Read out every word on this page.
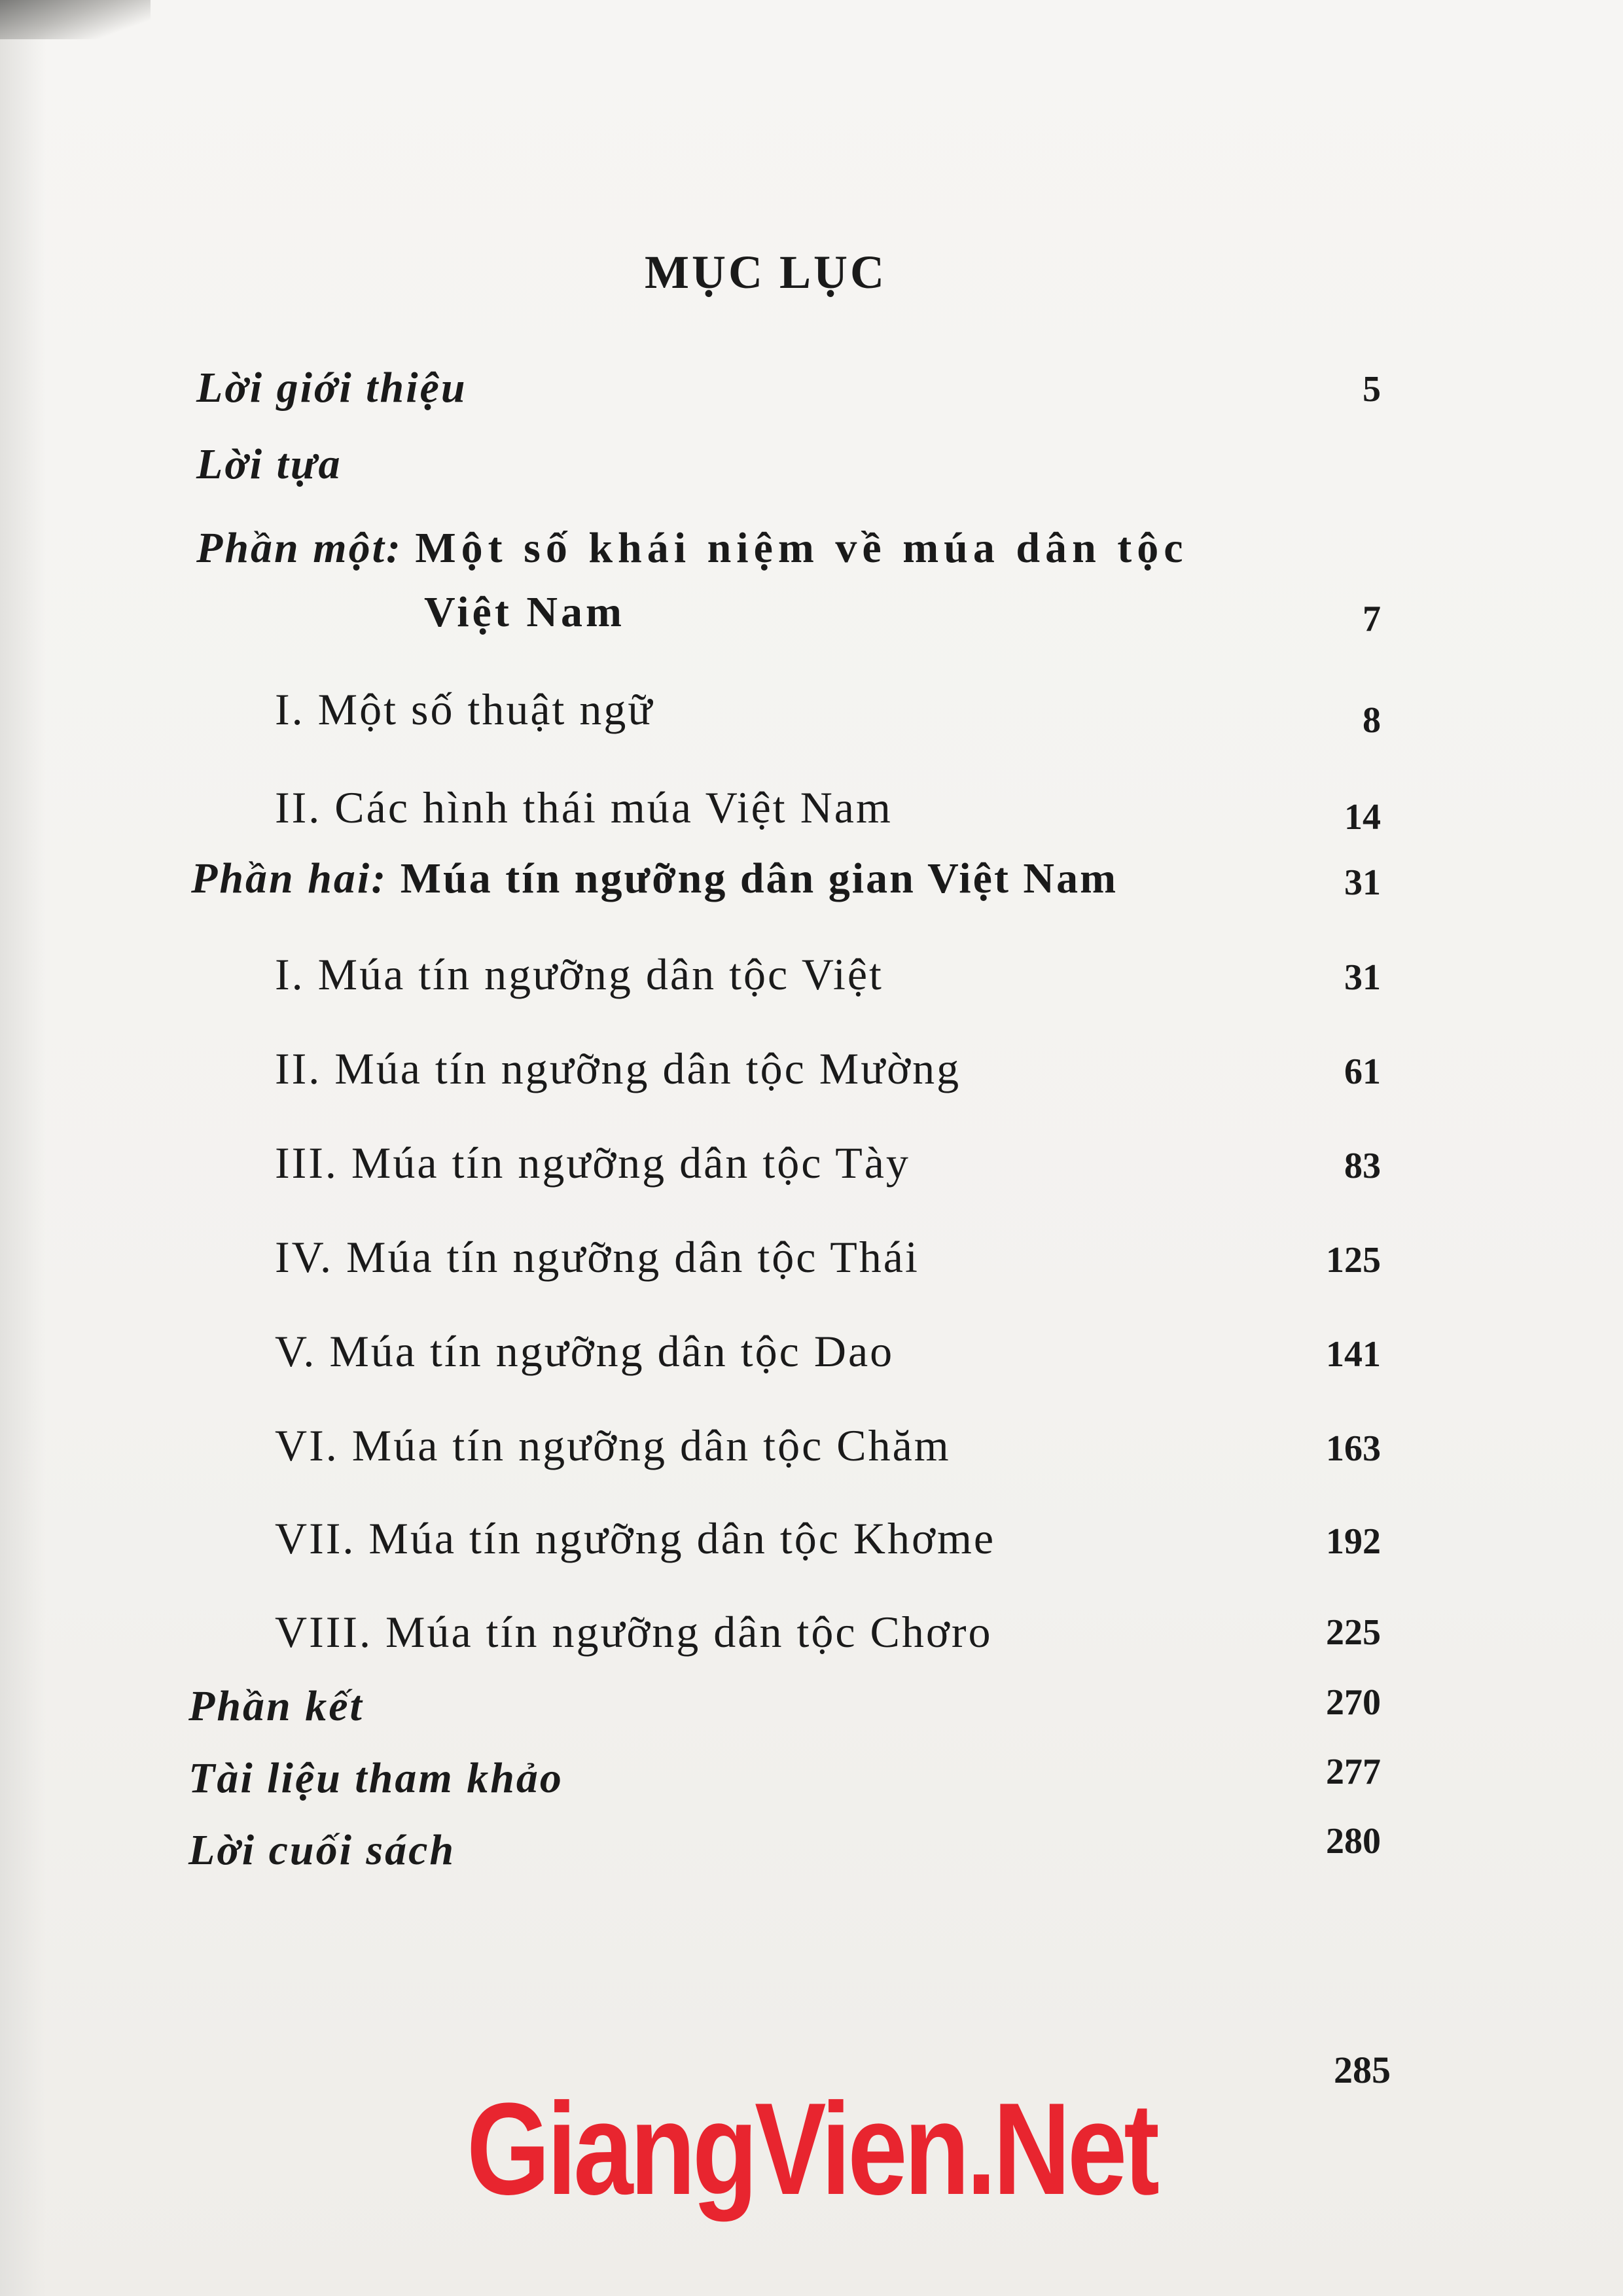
MỤC LỤC
Lời giới thiệu	5
Lời tựa
Phần một: Một số khái niệm về múa dân tộc
Việt Nam	7
I. Một số thuật ngữ	8
II. Các hình thái múa Việt Nam	14
Phần hai: Múa tín ngưỡng dân gian Việt Nam	31
I. Múa tín ngưỡng dân tộc Việt	31
II. Múa tín ngưỡng dân tộc Mường	61
III. Múa tín ngưỡng dân tộc Tày	83
IV. Múa tín ngưỡng dân tộc Thái	125
V. Múa tín ngưỡng dân tộc Dao	141
VI. Múa tín ngưỡng dân tộc Chăm	163
VII. Múa tín ngưỡng dân tộc Khơme	192
VIII. Múa tín ngưỡng dân tộc Chơro	225
Phần kết	270
Tài liệu tham khảo	277
Lời cuối sách	280
285
GiangVien.Net
